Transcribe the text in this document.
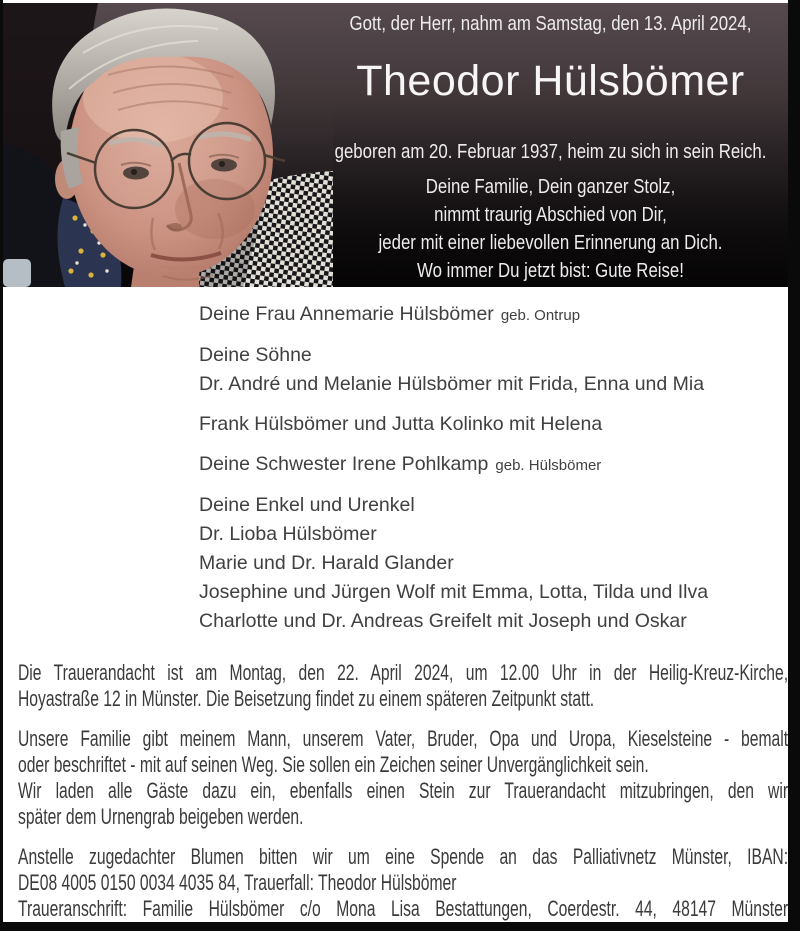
Gott, der Herr, nahm am Samstag, den 13. April 2024,
Theodor Hülsbömer
geboren am 20. Februar 1937, heim zu sich in sein Reich.
Deine Familie, Dein ganzer Stolz,
nimmt traurig Abschied von Dir,
jeder mit einer liebevollen Erinnerung an Dich.
Wo immer Du jetzt bist: Gute Reise!
Deine Frau Annemarie Hülsbömer geb. Ontrup
Deine Söhne
Dr. André und Melanie Hülsbömer mit Frida, Enna und Mia
Frank Hülsbömer und Jutta Kolinko mit Helena
Deine Schwester Irene Pohlkamp geb. Hülsbömer
Deine Enkel und Urenkel
Dr. Lioba Hülsbömer
Marie und Dr. Harald Glander
Josephine und Jürgen Wolf mit Emma, Lotta, Tilda und Ilva
Charlotte und Dr. Andreas Greifelt mit Joseph und Oskar
Die Trauerandacht ist am Montag, den 22. April 2024, um 12.00 Uhr in der Heilig-Kreuz-Kirche,
Hoyastraße 12 in Münster. Die Beisetzung findet zu einem späteren Zeitpunkt statt.
Unsere Familie gibt meinem Mann, unserem Vater, Bruder, Opa und Uropa, Kieselsteine - bemalt
oder beschriftet - mit auf seinen Weg. Sie sollen ein Zeichen seiner Unvergänglichkeit sein.
Wir laden alle Gäste dazu ein, ebenfalls einen Stein zur Trauerandacht mitzubringen, den wir
später dem Urnengrab beigeben werden.
Anstelle zugedachter Blumen bitten wir um eine Spende an das Palliativnetz Münster, IBAN:
DE08 4005 0150 0034 4035 84, Trauerfall: Theodor Hülsbömer
Traueranschrift: Familie Hülsbömer c/o Mona Lisa Bestattungen, Coerdestr. 44, 48147 Münster
